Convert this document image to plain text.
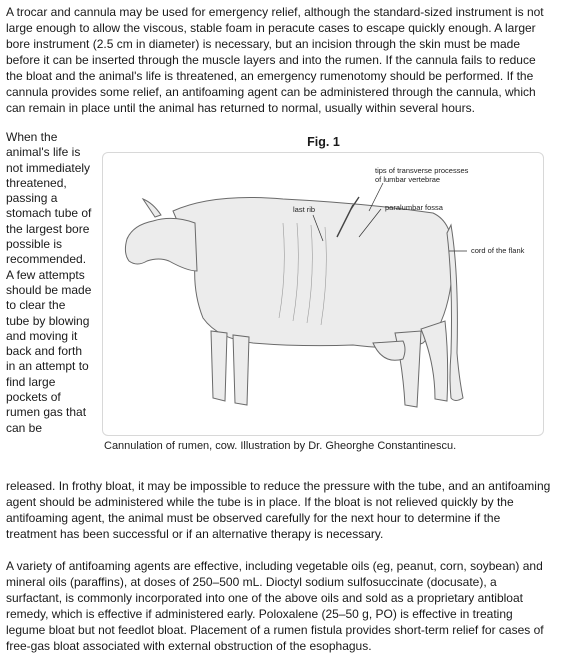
A trocar and cannula may be used for emergency relief, although the standard-sized instrument is not large enough to allow the viscous, stable foam in peracute cases to escape quickly enough. A larger bore instrument (2.5 cm in diameter) is necessary, but an incision through the skin must be made before it can be inserted through the muscle layers and into the rumen. If the cannula fails to reduce the bloat and the animal's life is threatened, an emergency rumenotomy should be performed. If the cannula provides some relief, an antifoaming agent can be administered through the cannula, which can remain in place until the animal has returned to normal, usually within several hours.

When the animal's life is not immediately threatened, passing a stomach tube of the largest bore possible is recommended. A few attempts should be made to clear the tube by blowing and moving it back and forth in an attempt to find large pockets of rumen gas that can be

Fig. 1
tips of transverse processes
of lumbar vertebrae
last rib	paralumbar fossa
cord of the flank
Cannulation of rumen, cow. Illustration by Dr. Gheorghe Constantinescu.

released. In frothy bloat, it may be impossible to reduce the pressure with the tube, and an antifoaming agent should be administered while the tube is in place. If the bloat is not relieved quickly by the antifoaming agent, the animal must be observed carefully for the next hour to determine if the treatment has been successful or if an alternative therapy is necessary.

A variety of antifoaming agents are effective, including vegetable oils (eg, peanut, corn, soybean) and mineral oils (paraffins), at doses of 250–500 mL. Dioctyl sodium sulfosuccinate (docusate), a surfactant, is commonly incorporated into one of the above oils and sold as a proprietary antibloat remedy, which is effective if administered early. Poloxalene (25–50 g, PO) is effective in treating legume bloat but not feedlot bloat. Placement of a rumen fistula provides short-term relief for cases of free-gas bloat associated with external obstruction of the esophagus.
